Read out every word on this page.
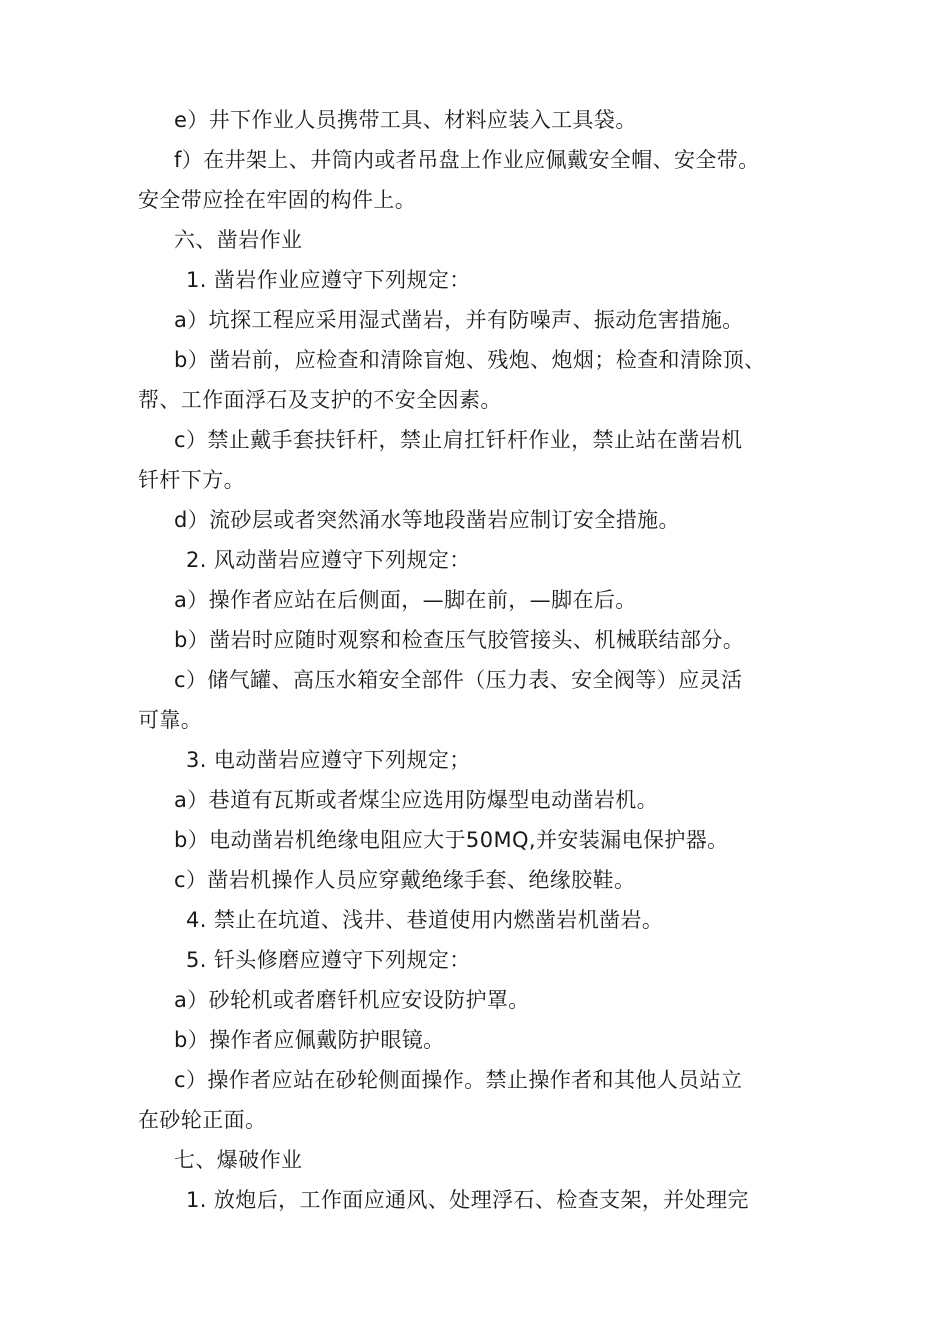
e）井下作业人员携带工具、材料应装入工具袋。
f）在井架上、井筒内或者吊盘上作业应佩戴安全帽、安全带。
安全带应拴在牢固的构件上。
六、凿岩作业
1. 凿岩作业应遵守下列规定：
a）坑探工程应采用湿式凿岩，并有防噪声、振动危害措施。
b）凿岩前，应检查和清除盲炮、残炮、炮烟；检查和清除顶、
帮、工作面浮石及支护的不安全因素。
c）禁止戴手套扶钎杆，禁止肩扛钎杆作业，禁止站在凿岩机
钎杆下方。
d）流砂层或者突然涌水等地段凿岩应制订安全措施。
2. 风动凿岩应遵守下列规定：
a）操作者应站在后侧面，—脚在前，—脚在后。
b）凿岩时应随时观察和检查压气胶管接头、机械联结部分。
c）储气罐、高压水箱安全部件（压力表、安全阀等）应灵活
可靠。
3. 电动凿岩应遵守下列规定；
a）巷道有瓦斯或者煤尘应选用防爆型电动凿岩机。
b）电动凿岩机绝缘电阻应大于50MQ,并安装漏电保护器。
c）凿岩机操作人员应穿戴绝缘手套、绝缘胶鞋。
4. 禁止在坑道、浅井、巷道使用内燃凿岩机凿岩。
5. 钎头修磨应遵守下列规定：
a）砂轮机或者磨钎机应安设防护罩。
b）操作者应佩戴防护眼镜。
c）操作者应站在砂轮侧面操作。禁止操作者和其他人员站立
在砂轮正面。
七、爆破作业
1. 放炮后，工作面应通风、处理浮石、检查支架，并处理完
